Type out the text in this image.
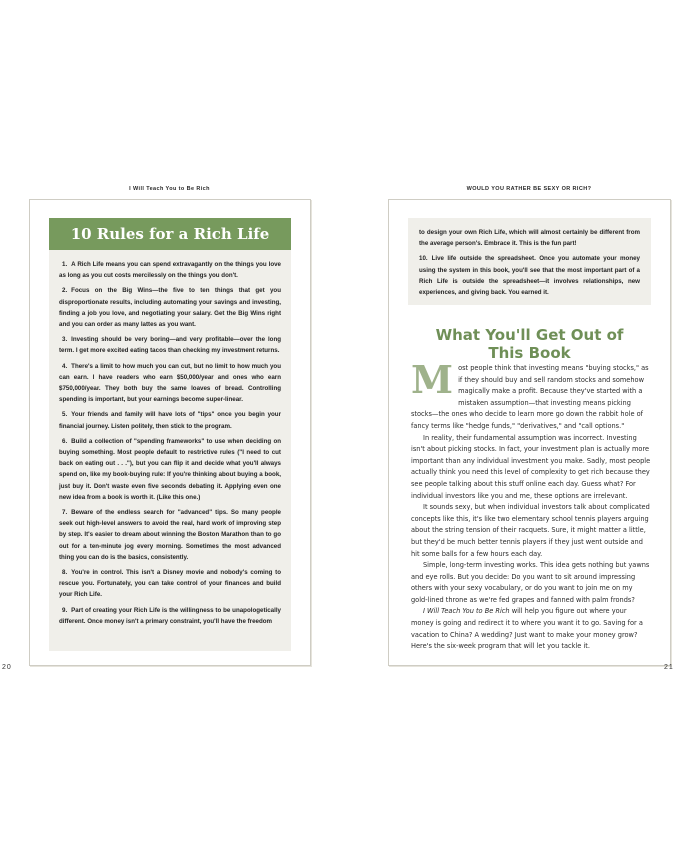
I Will Teach You to Be Rich
10 Rules for a Rich Life

1. A Rich Life means you can spend extravagantly on the things you love as long as you cut costs mercilessly on the things you don't.

2. Focus on the Big Wins—the five to ten things that get you disproportionate results, including automating your savings and investing, finding a job you love, and negotiating your salary. Get the Big Wins right and you can order as many lattes as you want.

3. Investing should be very boring—and very profitable—over the long term. I get more excited eating tacos than checking my investment returns.

4. There's a limit to how much you can cut, but no limit to how much you can earn. I have readers who earn $50,000/year and ones who earn $750,000/year. They both buy the same loaves of bread. Controlling spending is important, but your earnings become super-linear.

5. Your friends and family will have lots of "tips" once you begin your financial journey. Listen politely, then stick to the program.

6. Build a collection of "spending frameworks" to use when deciding on buying something. Most people default to restrictive rules ("I need to cut back on eating out . . ."), but you can flip it and decide what you'll always spend on, like my book-buying rule: If you're thinking about buying a book, just buy it. Don't waste even five seconds debating it. Applying even one new idea from a book is worth it. (Like this one.)

7. Beware of the endless search for "advanced" tips. So many people seek out high-level answers to avoid the real, hard work of improving step by step. It's easier to dream about winning the Boston Marathon than to go out for a ten-minute jog every morning. Sometimes the most advanced thing you can do is the basics, consistently.

8. You're in control. This isn't a Disney movie and nobody's coming to rescue you. Fortunately, you can take control of your finances and build your Rich Life.

9. Part of creating your Rich Life is the willingness to be unapologetically different. Once money isn't a primary constraint, you'll have the freedom

20
WOULD YOU RATHER BE SEXY OR RICH?

to design your own Rich Life, which will almost certainly be different from the average person's. Embrace it. This is the fun part!

10. Live life outside the spreadsheet. Once you automate your money using the system in this book, you'll see that the most important part of a Rich Life is outside the spreadsheet—it involves relationships, new experiences, and giving back. You earned it.

What You'll Get Out of
This Book

Most people think that investing means "buying stocks," as if they should buy and sell random stocks and somehow magically make a profit. Because they've started with a mistaken assumption—that investing means picking stocks—the ones who decide to learn more go down the rabbit hole of fancy terms like "hedge funds," "derivatives," and "call options."

In reality, their fundamental assumption was incorrect. Investing isn't about picking stocks. In fact, your investment plan is actually more important than any individual investment you make. Sadly, most people actually think you need this level of complexity to get rich because they see people talking about this stuff online each day. Guess what? For individual investors like you and me, these options are irrelevant.

It sounds sexy, but when individual investors talk about complicated concepts like this, it's like two elementary school tennis players arguing about the string tension of their racquets. Sure, it might matter a little, but they'd be much better tennis players if they just went outside and hit some balls for a few hours each day.

Simple, long-term investing works. This idea gets nothing but yawns and eye rolls. But you decide: Do you want to sit around impressing others with your sexy vocabulary, or do you want to join me on my gold-lined throne as we're fed grapes and fanned with palm fronds?

I Will Teach You to Be Rich will help you figure out where your money is going and redirect it to where you want it to go. Saving for a vacation to China? A wedding? Just want to make your money grow? Here's the six-week program that will let you tackle it.

21
